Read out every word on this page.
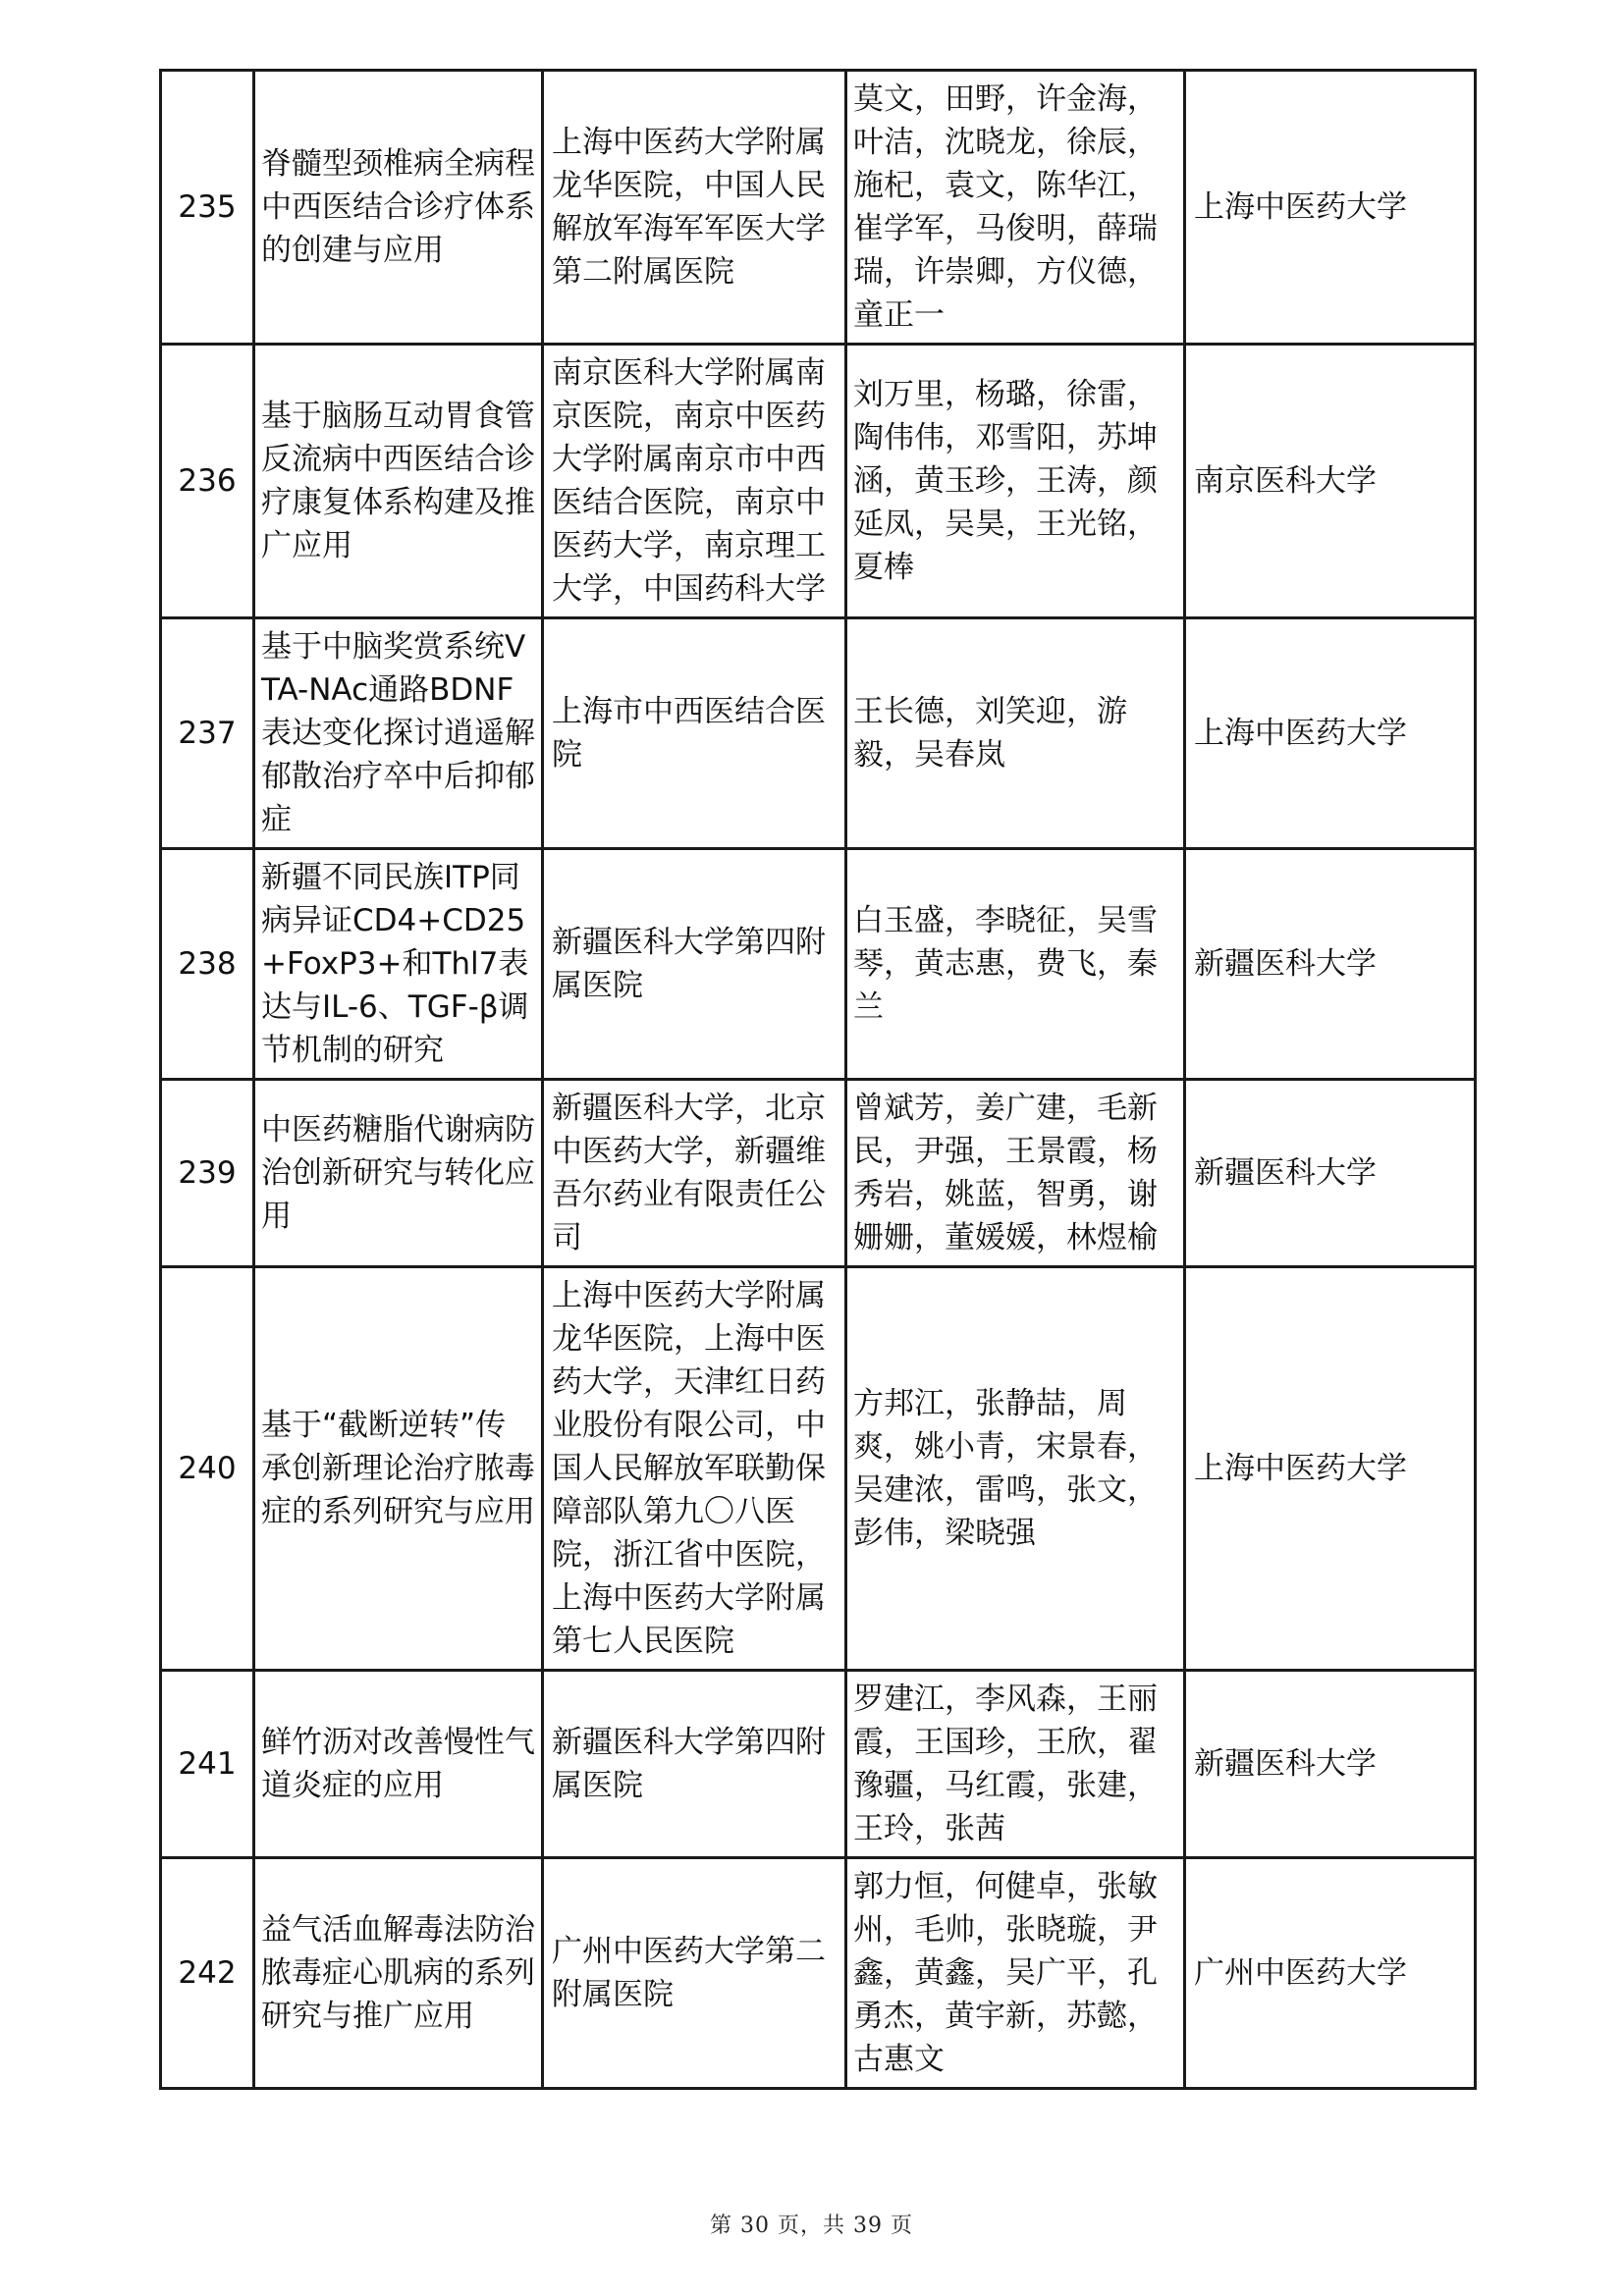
235	脊髓型颈椎病全病程中西医结合诊疗体系的创建与应用	上海中医药大学附属龙华医院，中国人民解放军海军军医大学第二附属医院	莫文，田野，许金海，叶洁，沈晓龙，徐辰，施杞，袁文，陈华江，崔学军，马俊明，薛瑞瑞，许崇卿，方仪德，童正一	上海中医药大学
236	基于脑肠互动胃食管反流病中西医结合诊疗康复体系构建及推广应用	南京医科大学附属南京医院，南京中医药大学附属南京市中西医结合医院，南京中医药大学，南京理工大学，中国药科大学	刘万里，杨璐，徐雷，陶伟伟，邓雪阳，苏坤涵，黄玉珍，王涛，颜延凤，吴昊，王光铭，夏棒	南京医科大学
237	基于中脑奖赏系统VTA-NAc通路BDNF表达变化探讨逍遥解郁散治疗卒中后抑郁症	上海市中西医结合医院	王长德，刘笑迎，游毅，吴春岚	上海中医药大学
238	新疆不同民族ITP同病异证CD4+CD25+FoxP3+和Thl7表达与IL-6、TGF-β调节机制的研究	新疆医科大学第四附属医院	白玉盛，李晓征，吴雪琴，黄志惠，费飞，秦兰	新疆医科大学
239	中医药糖脂代谢病防治创新研究与转化应用	新疆医科大学，北京中医药大学，新疆维吾尔药业有限责任公司	曾斌芳，姜广建，毛新民，尹强，王景霞，杨秀岩，姚蓝，智勇，谢姗姗，董媛媛，林煜榆	新疆医科大学
240	基于“截断逆转”传承创新理论治疗脓毒症的系列研究与应用	上海中医药大学附属龙华医院，上海中医药大学，天津红日药业股份有限公司，中国人民解放军联勤保障部队第九〇八医院，浙江省中医院，上海中医药大学附属第七人民医院	方邦江，张静喆，周爽，姚小青，宋景春，吴建浓，雷鸣，张文，彭伟，梁晓强	上海中医药大学
241	鲜竹沥对改善慢性气道炎症的应用	新疆医科大学第四附属医院	罗建江，李风森，王丽霞，王国珍，王欣，翟豫疆，马红霞，张建，王玲，张茜	新疆医科大学
242	益气活血解毒法防治脓毒症心肌病的系列研究与推广应用	广州中医药大学第二附属医院	郭力恒，何健卓，张敏州，毛帅，张晓璇，尹鑫，黄鑫，吴广平，孔勇杰，黄宇新，苏懿，古惠文	广州中医药大学
第 30 页，共 39 页
